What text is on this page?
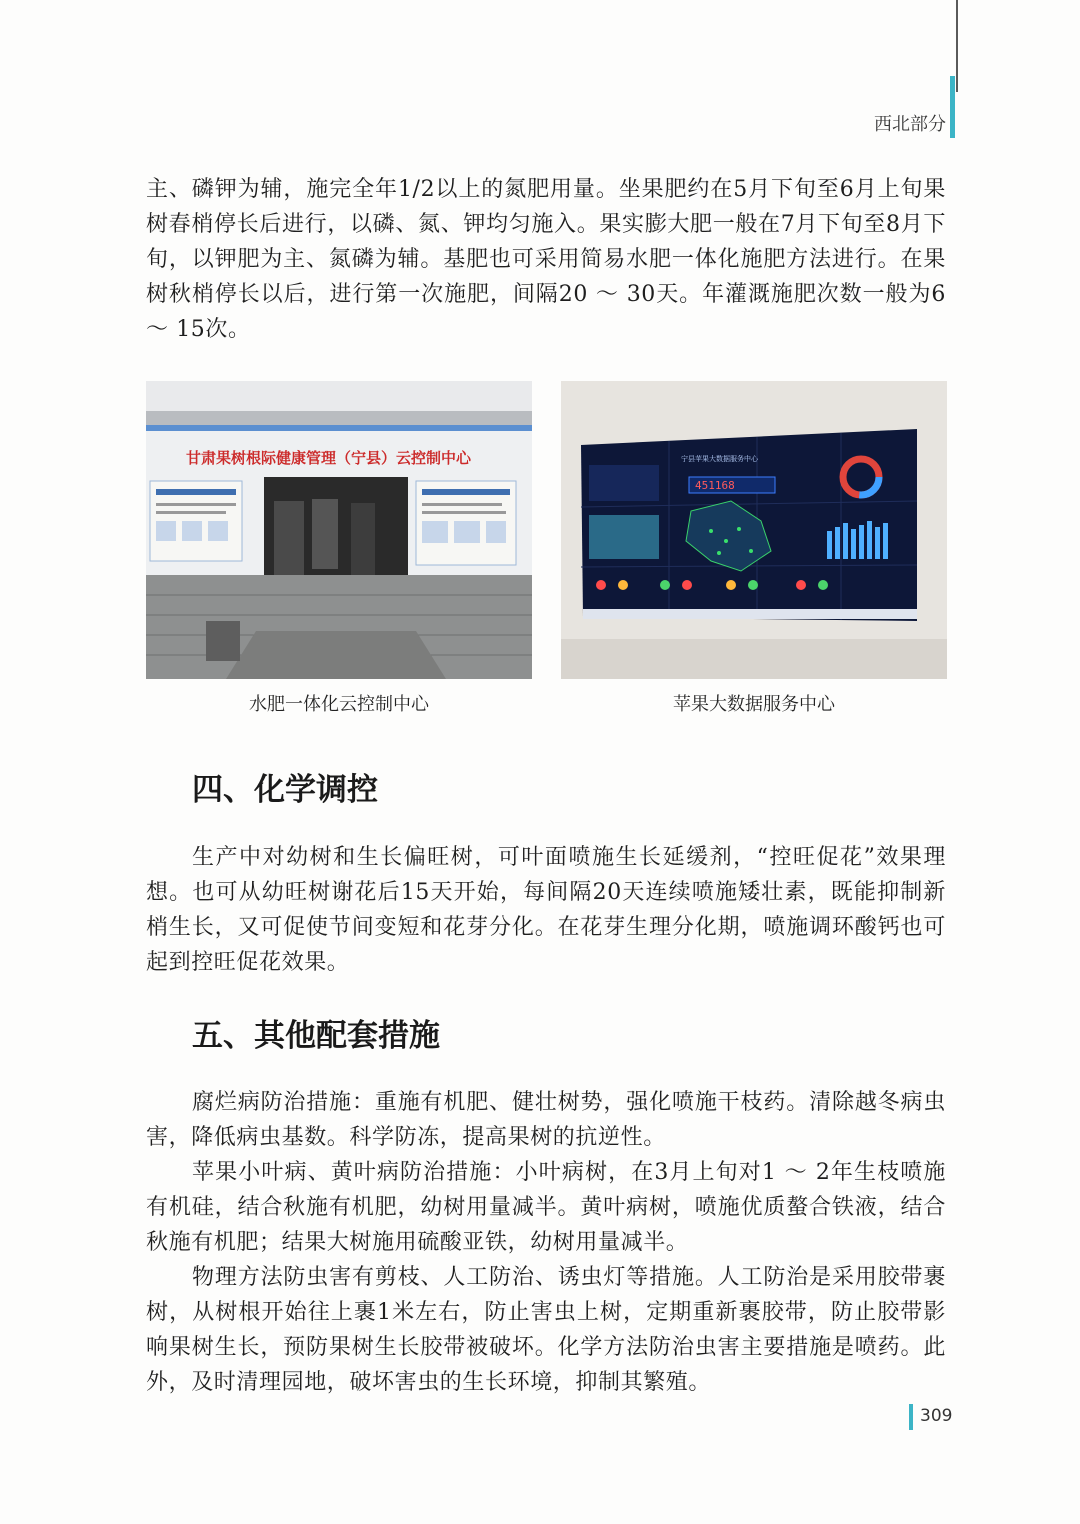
西北部分

主、磷钾为辅，施完全年1/2以上的氮肥用量。坐果肥约在5月下旬至6月上旬果树春梢停长后进行，以磷、氮、钾均匀施入。果实膨大肥一般在7月下旬至8月下旬，以钾肥为主、氮磷为辅。基肥也可采用简易水肥一体化施肥方法进行。在果树秋梢停长以后，进行第一次施肥，间隔20 ～ 30天。年灌溉施肥次数一般为6 ～ 15次。

甘肃果树根际健康管理（宁县）云控制中心	宁县苹果大数据服务中心
451168
水肥一体化云控制中心	苹果大数据服务中心
四、化学调控

生产中对幼树和生长偏旺树，可叶面喷施生长延缓剂，“控旺促花”效果理想。也可从幼旺树谢花后15天开始，每间隔20天连续喷施矮壮素，既能抑制新梢生长，又可促使节间变短和花芽分化。在花芽生理分化期，喷施调环酸钙也可起到控旺促花效果。

五、其他配套措施

腐烂病防治措施：重施有机肥、健壮树势，强化喷施干枝药。清除越冬病虫害，降低病虫基数。科学防冻，提高果树的抗逆性。

苹果小叶病、黄叶病防治措施：小叶病树，在3月上旬对1 ～ 2年生枝喷施有机硅，结合秋施有机肥，幼树用量减半。黄叶病树，喷施优质螯合铁液，结合秋施有机肥；结果大树施用硫酸亚铁，幼树用量减半。

物理方法防虫害有剪枝、人工防治、诱虫灯等措施。人工防治是采用胶带裹树，从树根开始往上裹1米左右，防止害虫上树，定期重新裹胶带，防止胶带影响果树生长，预防果树生长胶带被破坏。化学方法防治虫害主要措施是喷药。此外，及时清理园地，破坏害虫的生长环境，抑制其繁殖。

309
